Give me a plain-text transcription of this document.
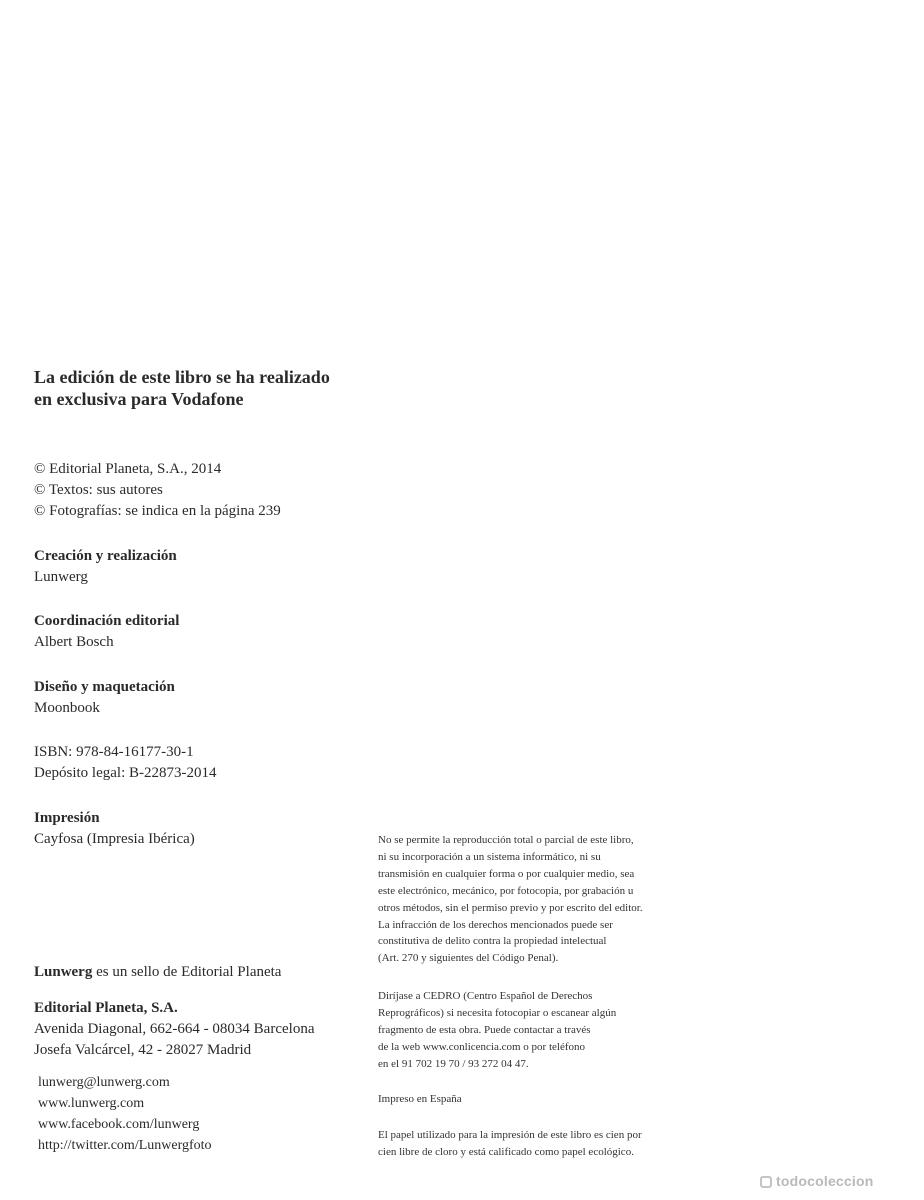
La edición de este libro se ha realizado
en exclusiva para Vodafone
© Editorial Planeta, S.A., 2014
© Textos: sus autores
© Fotografías: se indica en la página 239
Creación y realización
Lunwerg
Coordinación editorial
Albert Bosch
Diseño y maquetación
Moonbook
ISBN: 978-84-16177-30-1
Depósito legal: B-22873-2014
Impresión
Cayfosa (Impresia Ibérica)
Lunwerg es un sello de Editorial Planeta
Editorial Planeta, S.A.
Avenida Diagonal, 662-664 - 08034 Barcelona
Josefa Valcárcel, 42 - 28027 Madrid
lunwerg@lunwerg.com
www.lunwerg.com
www.facebook.com/lunwerg
http://twitter.com/Lunwergfoto
No se permite la reproducción total o parcial de este libro,
ni su incorporación a un sistema informático, ni su
transmisión en cualquier forma o por cualquier medio, sea
este electrónico, mecánico, por fotocopia, por grabación u
otros métodos, sin el permiso previo y por escrito del editor.
La infracción de los derechos mencionados puede ser
constitutiva de delito contra la propiedad intelectual
(Art. 270 y siguientes del Código Penal).
Diríjase a CEDRO (Centro Español de Derechos
Reprográficos) si necesita fotocopiar o escanear algún
fragmento de esta obra. Puede contactar a través
de la web www.conlicencia.com o por teléfono
en el 91 702 19 70 / 93 272 04 47.
Impreso en España
El papel utilizado para la impresión de este libro es cien por
cien libre de cloro y está calificado como papel ecológico.
todocoleccion
